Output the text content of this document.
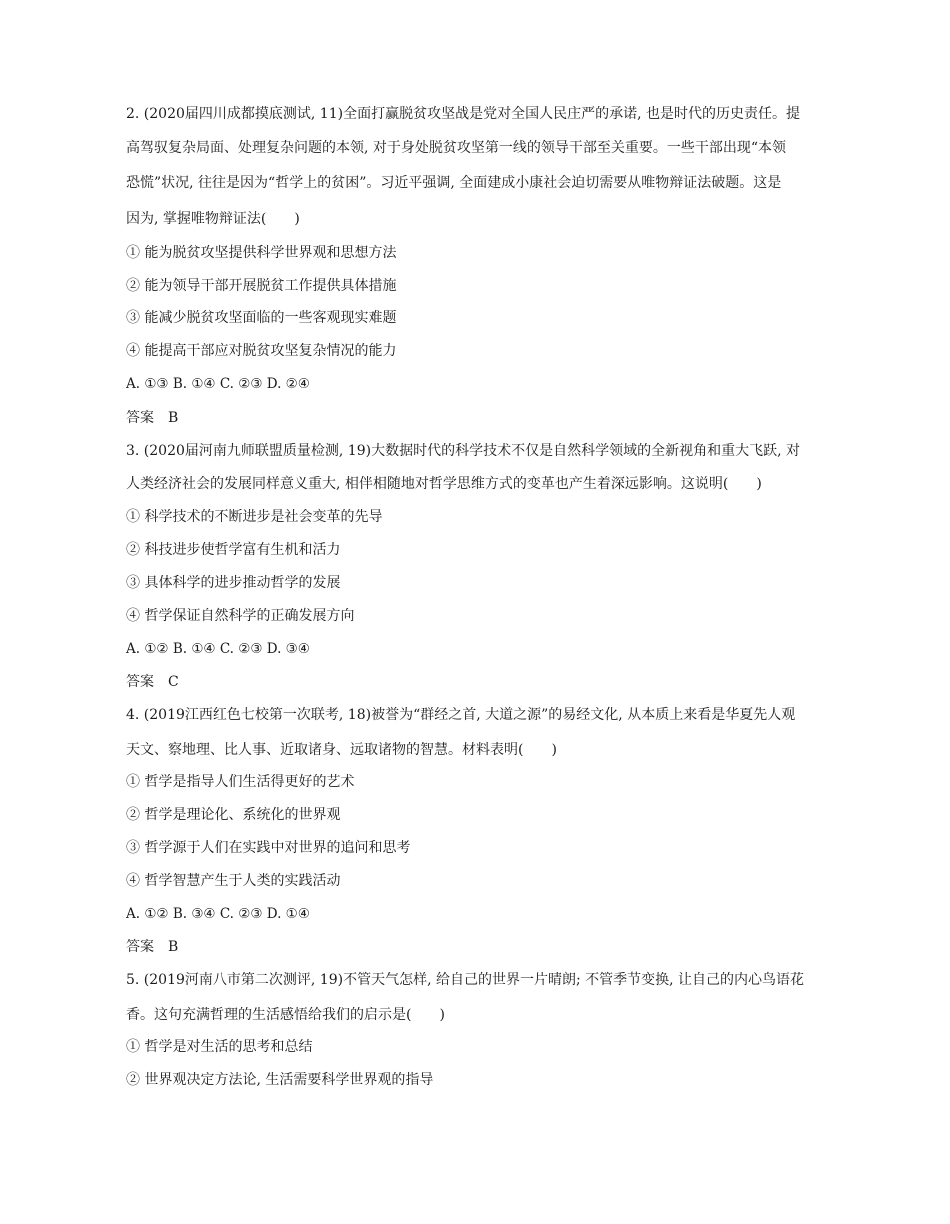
2. (2020届四川成都摸底测试, 11)全面打赢脱贫攻坚战是党对全国人民庄严的承诺, 也是时代的历史责任。提
高驾驭复杂局面、处理复杂问题的本领, 对于身处脱贫攻坚第一线的领导干部至关重要。一些干部出现“本领
恐慌”状况, 往往是因为“哲学上的贫困”。习近平强调, 全面建成小康社会迫切需要从唯物辩证法破题。这是
因为, 掌握唯物辩证法(　　)
① 能为脱贫攻坚提供科学世界观和思想方法
② 能为领导干部开展脱贫工作提供具体措施
③ 能减少脱贫攻坚面临的一些客观现实难题
④ 能提高干部应对脱贫攻坚复杂情况的能力
A. ①③ B. ①④ C. ②③ D. ②④
答案　B
3. (2020届河南九师联盟质量检测, 19)大数据时代的科学技术不仅是自然科学领域的全新视角和重大飞跃, 对
人类经济社会的发展同样意义重大, 相伴相随地对哲学思维方式的变革也产生着深远影响。这说明(　　)
① 科学技术的不断进步是社会变革的先导
② 科技进步使哲学富有生机和活力
③ 具体科学的进步推动哲学的发展
④ 哲学保证自然科学的正确发展方向
A. ①② B. ①④ C. ②③ D. ③④
答案　C
4. (2019江西红色七校第一次联考, 18)被誉为“群经之首, 大道之源”的易经文化, 从本质上来看是华夏先人观
天文、察地理、比人事、近取诸身、远取诸物的智慧。材料表明(　　)
① 哲学是指导人们生活得更好的艺术
② 哲学是理论化、系统化的世界观
③ 哲学源于人们在实践中对世界的追问和思考
④ 哲学智慧产生于人类的实践活动
A. ①② B. ③④ C. ②③ D. ①④
答案　B
5. (2019河南八市第二次测评, 19)不管天气怎样, 给自己的世界一片晴朗; 不管季节变换, 让自己的内心鸟语花
香。这句充满哲理的生活感悟给我们的启示是(　　)
① 哲学是对生活的思考和总结
② 世界观决定方法论, 生活需要科学世界观的指导
